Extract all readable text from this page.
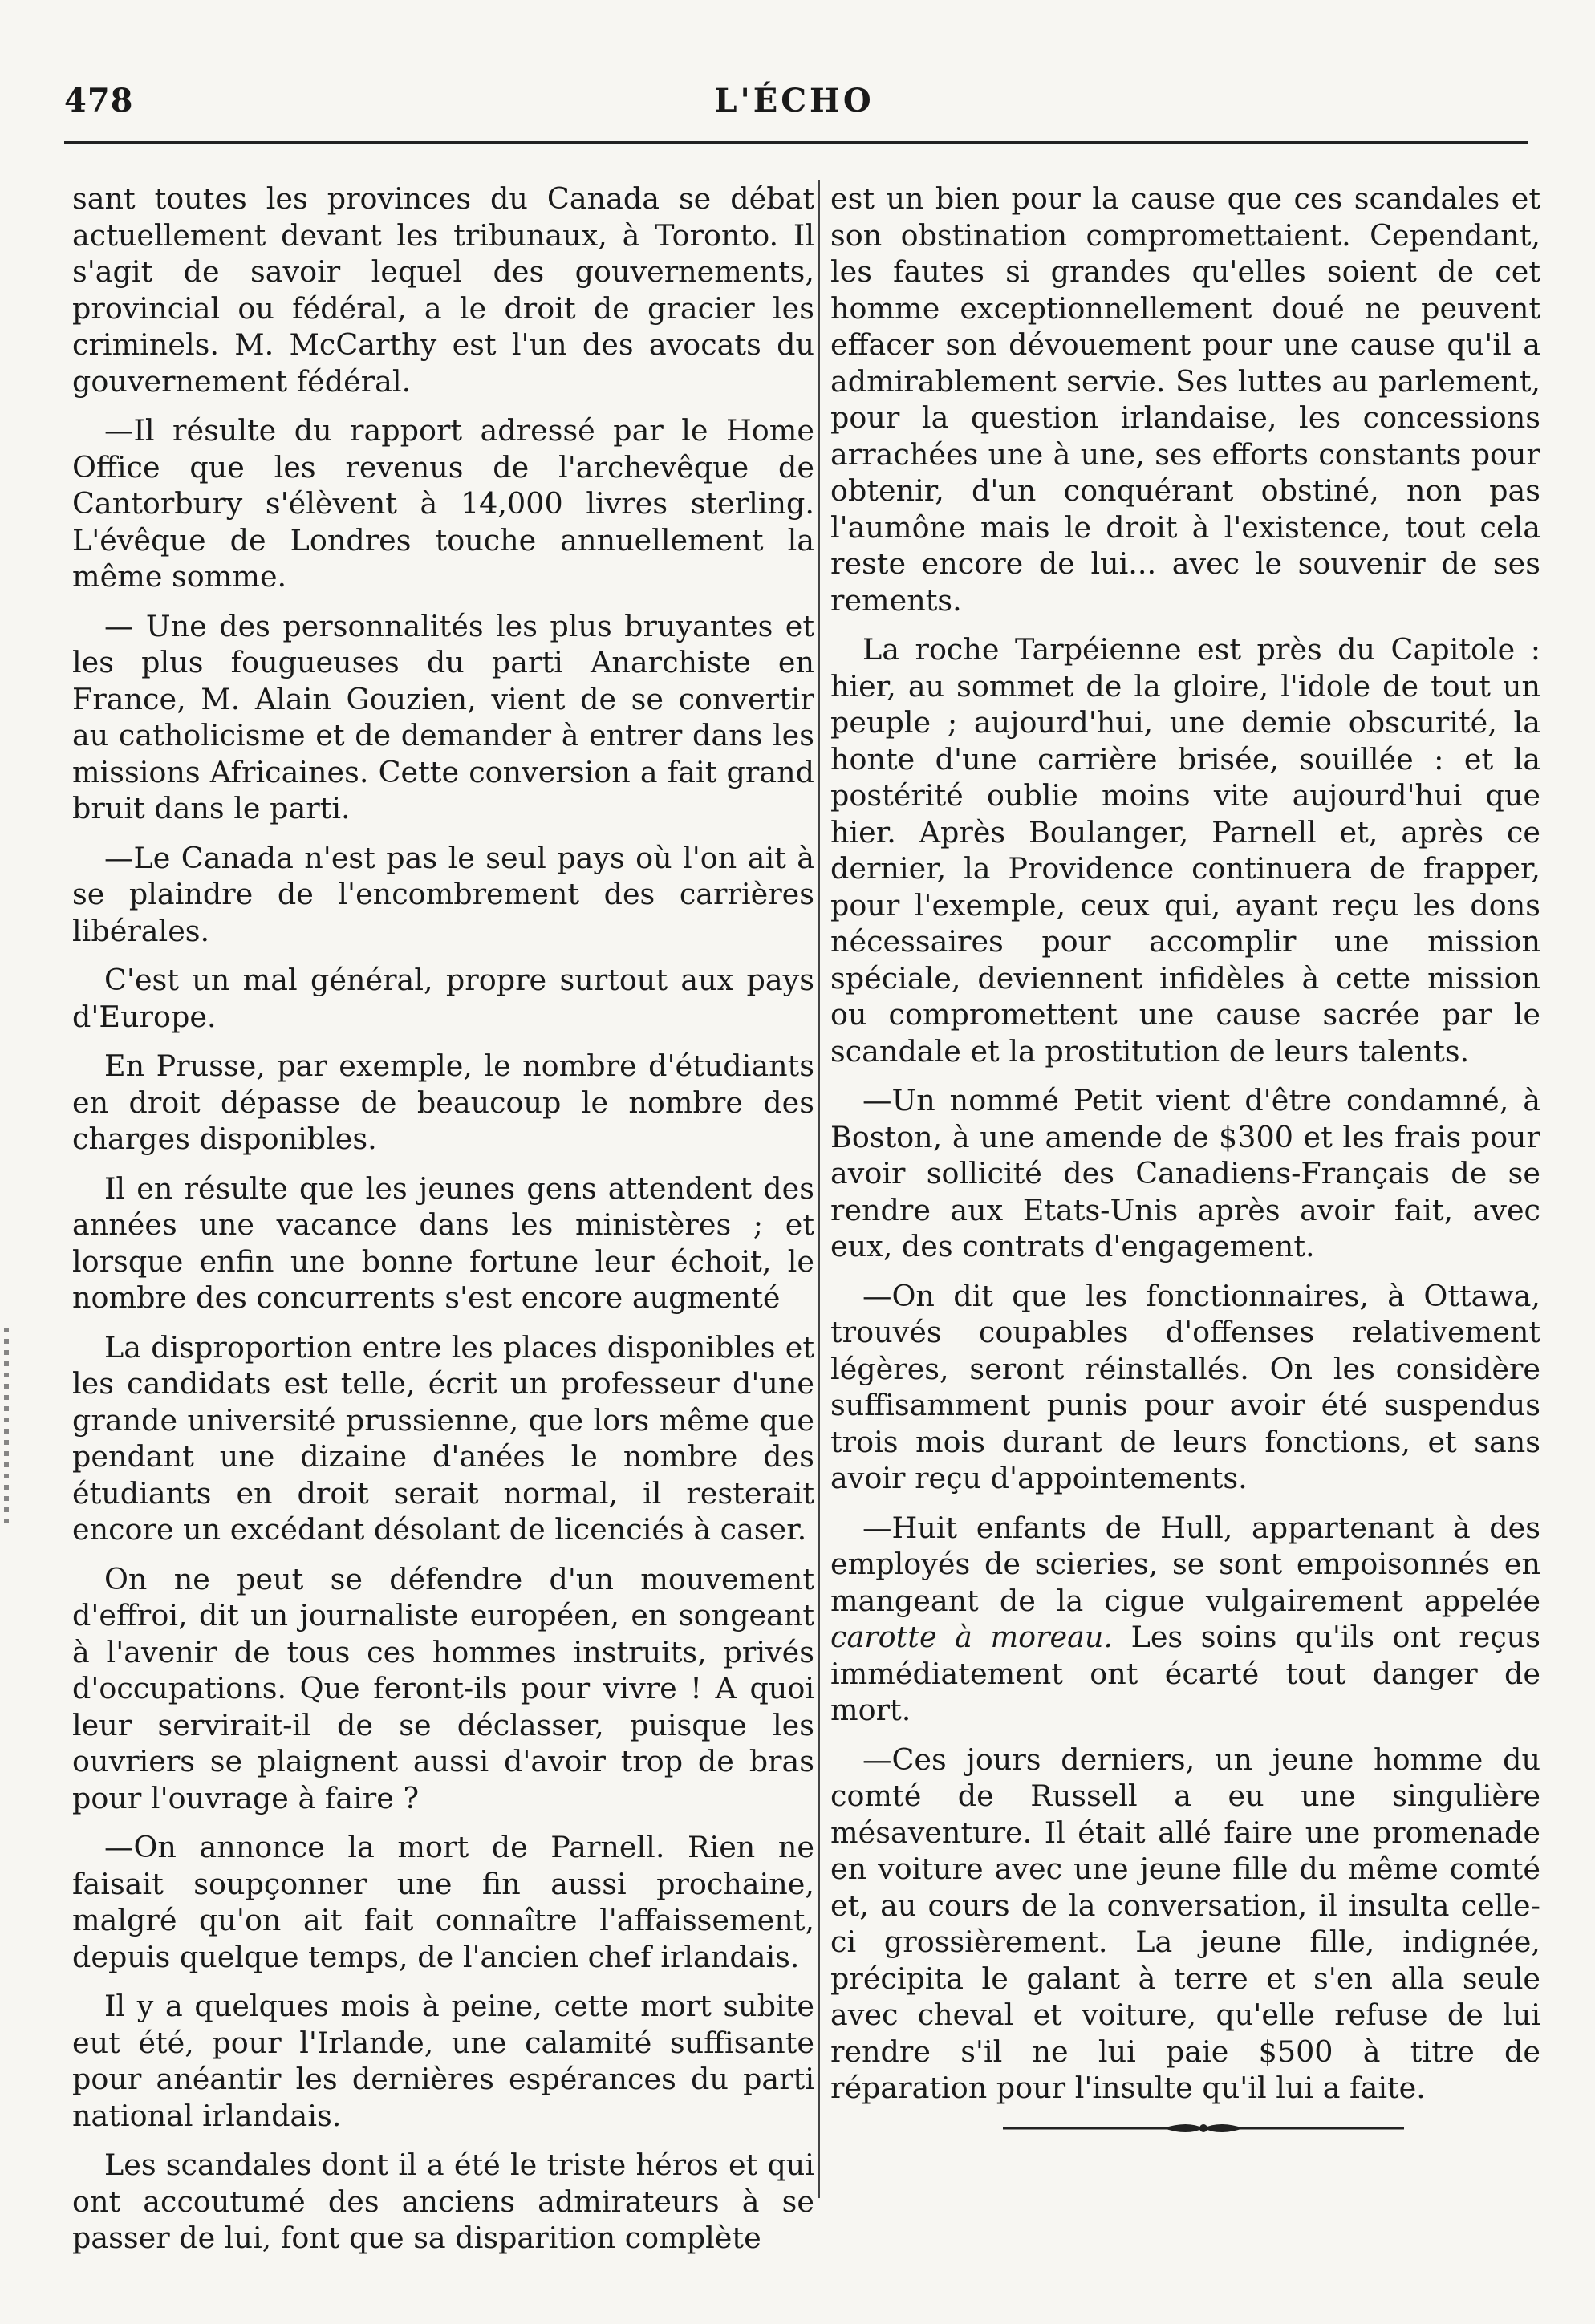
478	L'ÉCHO

sant toutes les provinces du Canada se débat actuellement devant les tribunaux, à Toronto. Il s'agit de savoir lequel des gouvernements, provincial ou fédéral, a le droit de gracier les criminels. M. McCarthy est l'un des avocats du gouvernement fédéral.

—Il résulte du rapport adressé par le Home Office que les revenus de l'archevêque de Cantorbury s'élèvent à 14,000 livres sterling. L'évêque de Londres touche annuellement la même somme.

— Une des personnalités les plus bruyantes et les plus fougueuses du parti Anarchiste en France, M. Alain Gouzien, vient de se convertir au catholicisme et de demander à entrer dans les missions Africaines. Cette conversion a fait grand bruit dans le parti.

—Le Canada n'est pas le seul pays où l'on ait à se plaindre de l'encombrement des carrières libérales.

C'est un mal général, propre surtout aux pays d'Europe.

En Prusse, par exemple, le nombre d'étudiants en droit dépasse de beaucoup le nombre des charges disponibles.

Il en résulte que les jeunes gens attendent des années une vacance dans les ministères ; et lorsque enfin une bonne fortune leur échoit, le nombre des concurrents s'est encore augmenté

La disproportion entre les places disponibles et les candidats est telle, écrit un professeur d'une grande université prussienne, que lors même que pendant une dizaine d'anées le nombre des étudiants en droit serait normal, il resterait encore un excédant désolant de licenciés à caser.

On ne peut se défendre d'un mouvement d'effroi, dit un journaliste européen, en songeant à l'avenir de tous ces hommes instruits, privés d'occupations. Que feront-ils pour vivre ! A quoi leur servirait-il de se déclasser, puisque les ouvriers se plaignent aussi d'avoir trop de bras pour l'ouvrage à faire ?

—On annonce la mort de Parnell. Rien ne faisait soupçonner une fin aussi prochaine, malgré qu'on ait fait connaître l'affaissement, depuis quelque temps, de l'ancien chef irlandais.

Il y a quelques mois à peine, cette mort subite eut été, pour l'Irlande, une calamité suffisante pour anéantir les dernières espérances du parti national irlandais.

Les scandales dont il a été le triste héros et qui ont accoutumé des anciens admirateurs à se passer de lui, font que sa disparition complète

est un bien pour la cause que ces scandales et son obstination compromettaient. Cependant, les fautes si grandes qu'elles soient de cet homme exceptionnellement doué ne peuvent effacer son dévouement pour une cause qu'il a admirablement servie. Ses luttes au parlement, pour la question irlandaise, les concessions arrachées une à une, ses efforts constants pour obtenir, d'un conquérant obstiné, non pas l'aumône mais le droit à l'existence, tout cela reste encore de lui... avec le souvenir de ses rements.

La roche Tarpéienne est près du Capitole : hier, au sommet de la gloire, l'idole de tout un peuple ; aujourd'hui, une demie obscurité, la honte d'une carrière brisée, souillée : et la postérité oublie moins vite aujourd'hui que hier. Après Boulanger, Parnell et, après ce dernier, la Providence continuera de frapper, pour l'exemple, ceux qui, ayant reçu les dons nécessaires pour accomplir une mission spéciale, deviennent infidèles à cette mission ou compromettent une cause sacrée par le scandale et la prostitution de leurs talents.

—Un nommé Petit vient d'être condamné, à Boston, à une amende de $300 et les frais pour avoir sollicité des Canadiens-Français de se rendre aux Etats-Unis après avoir fait, avec eux, des contrats d'engagement.

—On dit que les fonctionnaires, à Ottawa, trouvés coupables d'offenses relativement légères, seront réinstallés. On les considère suffisamment punis pour avoir été suspendus trois mois durant de leurs fonctions, et sans avoir reçu d'appointements.

—Huit enfants de Hull, appartenant à des employés de scieries, se sont empoisonnés en mangeant de la cigue vulgairement appelée carotte à moreau. Les soins qu'ils ont reçus immédiatement ont écarté tout danger de mort.

—Ces jours derniers, un jeune homme du comté de Russell a eu une singulière mésaventure. Il était allé faire une promenade en voiture avec une jeune fille du même comté et, au cours de la conversation, il insulta celle-ci grossièrement. La jeune fille, indignée, précipita le galant à terre et s'en alla seule avec cheval et voiture, qu'elle refuse de lui rendre s'il ne lui paie $500 à titre de réparation pour l'insulte qu'il lui a faite.
